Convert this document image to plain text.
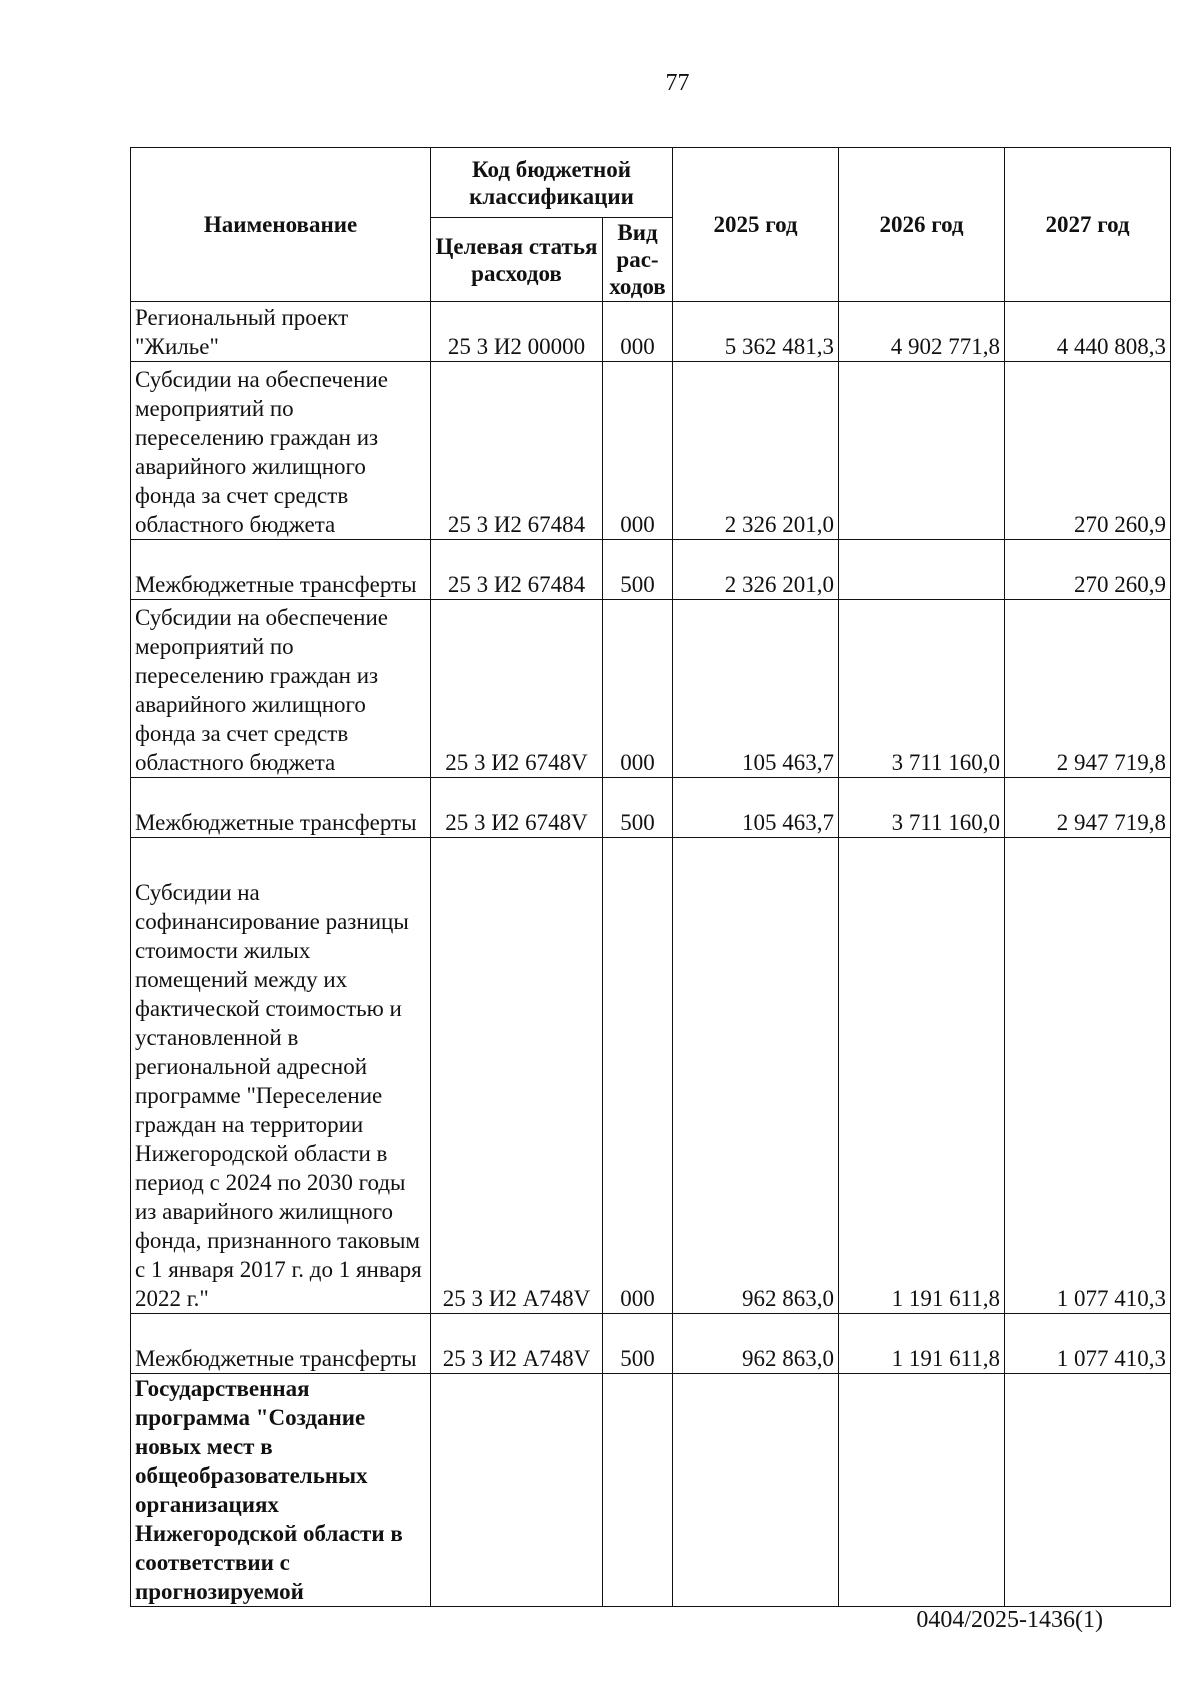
77
Наименование	Код бюджетной классификации		2025 год	2026 год	2027 год
	Целевая статья расходов	Вид рас-ходов			
Региональный проект "Жилье"	25 3 И2 00000	000	5 362 481,3	4 902 771,8	4 440 808,3
Субсидии на обеспечение мероприятий по переселению граждан из аварийного жилищного фонда за счет средств областного бюджета	25 3 И2 67484	000	2 326 201,0		270 260,9
Межбюджетные трансферты	25 3 И2 67484	500	2 326 201,0		270 260,9
Субсидии на обеспечение мероприятий по переселению граждан из аварийного жилищного фонда за счет средств областного бюджета	25 3 И2 6748V	000	105 463,7	3 711 160,0	2 947 719,8
Межбюджетные трансферты	25 3 И2 6748V	500	105 463,7	3 711 160,0	2 947 719,8
Субсидии на софинансирование разницы стоимости жилых помещений между их фактической стоимостью и установленной в региональной адресной программе "Переселение граждан на территории Нижегородской области в период с 2024 по 2030 годы из аварийного жилищного фонда, признанного таковым с 1 января 2017 г. до 1 января 2022 г."	25 3 И2 А748V	000	962 863,0	1 191 611,8	1 077 410,3
Межбюджетные трансферты	25 3 И2 А748V	500	962 863,0	1 191 611,8	1 077 410,3
Государственная программа "Создание новых мест в общеобразовательных организациях Нижегородской области в соответствии с прогнозируемой					
0404/2025-1436(1)
